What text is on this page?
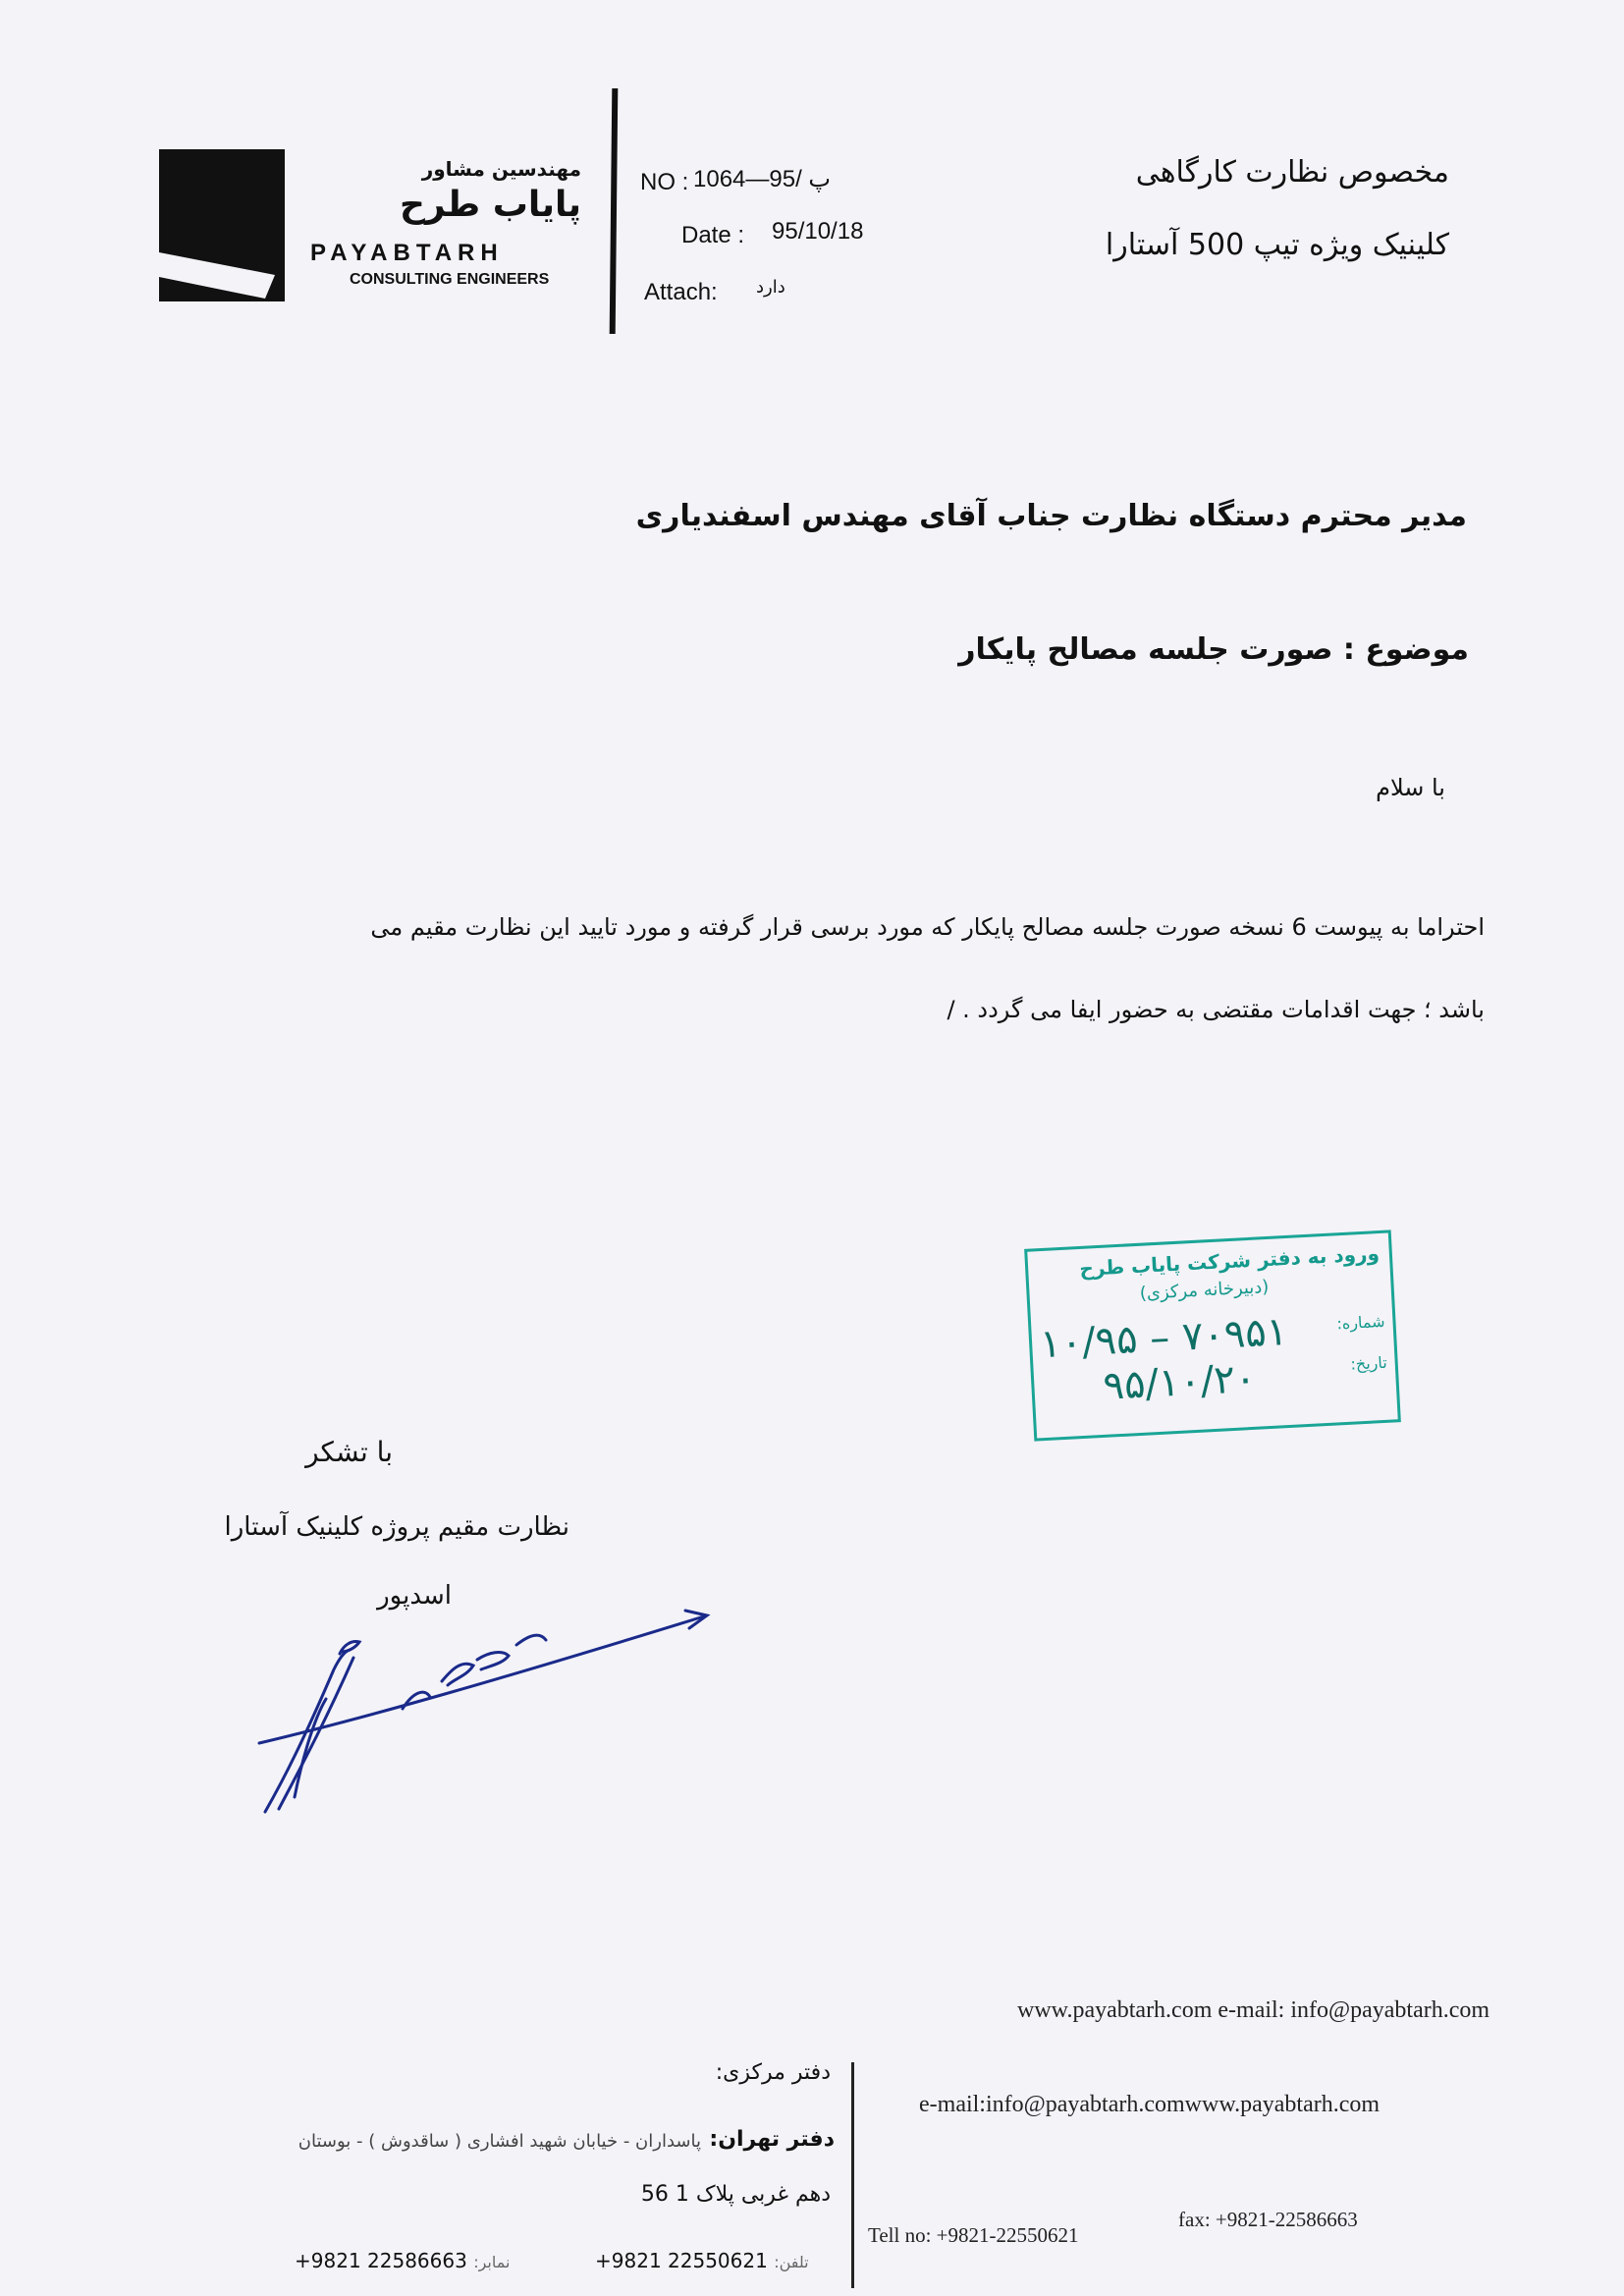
مهندسین مشاور
پایاب طرح
PAYABTARH
CONSULTING ENGINEERS
NO : پ /95—1064
Date : 95/10/18
Attach: دارد
مخصوص نظارت کارگاهی
کلینیک ویژه تیپ 500 آستارا
مدیر محترم دستگاه نظارت جناب آقای مهندس اسفندیاری
موضوع : صورت جلسه مصالح پایکار
با سلام
احتراما به پیوست 6 نسخه صورت جلسه مصالح پایکار که مورد برسی قرار گرفته و مورد تایید این نظارت مقیم می
باشد ؛ جهت اقدامات مقتضی به حضور ایفا می گردد . /
ورود به دفتر شرکت پایاب طرح
(دبیرخانه مرکزی)
شماره:
۱۰/۹۵ – ۷۰۹۵۱	تاریخ:
۹۵/۱۰/۲۰
با تشکر
نظارت مقیم پروژه کلینیک آستارا
اسدپور
www.payabtarh.com e-mail: info@payabtarh.com
دفتر مرکزی:
دفتر تهران:
پاسداران - خیابان شهید افشاری ( ساقدوش ) - بوستان
دهم غربی پلاک 1 56
e-mail:info@payabtarh.comwww.payabtarh.com
تلفن: 22550621 9821+
نمابر: 22586663 9821+
Tell no: +9821-22550621
fax: +9821-22586663
